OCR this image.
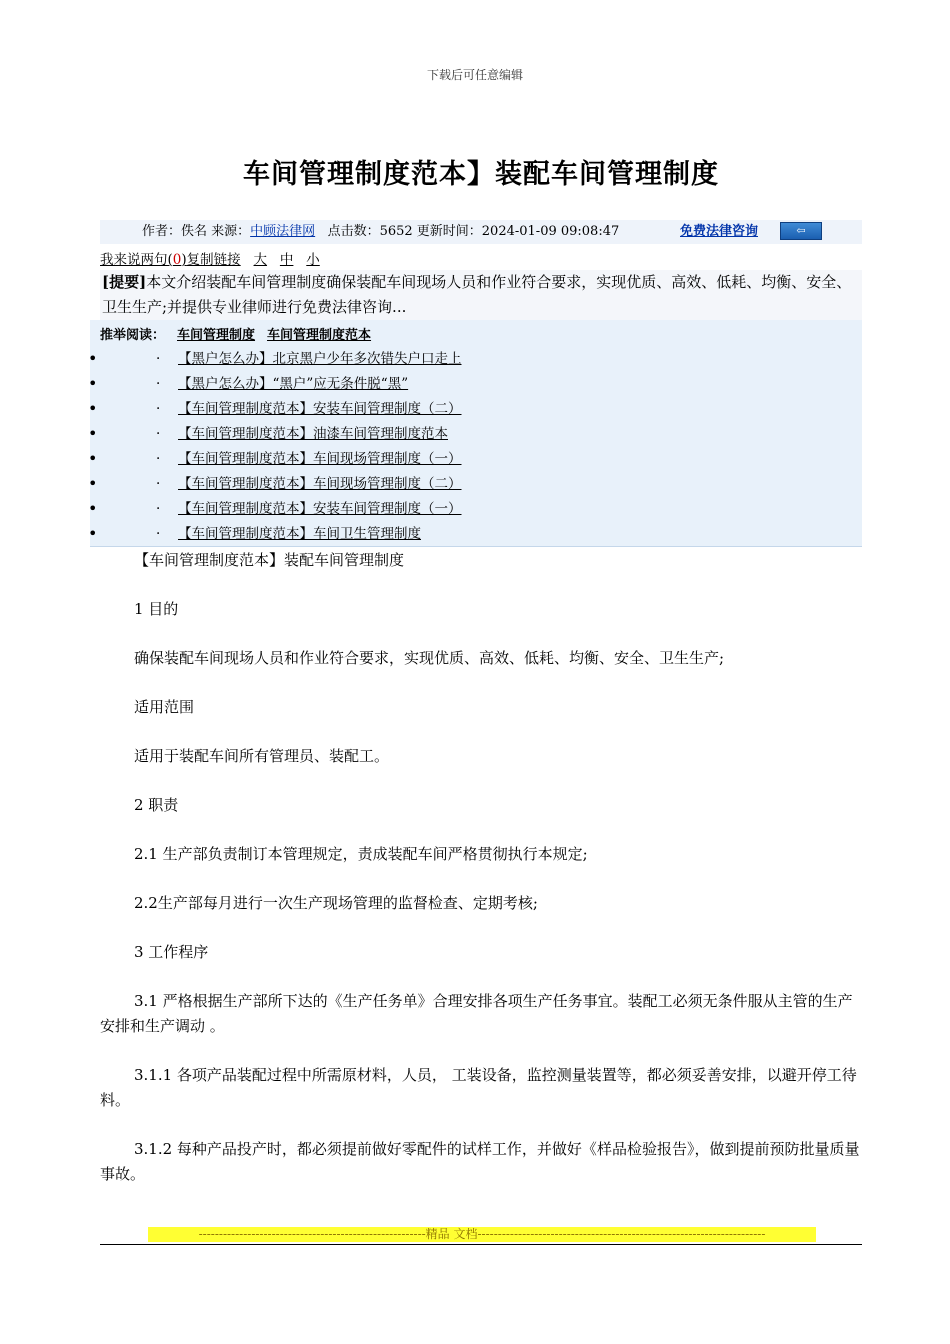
下载后可任意编辑
车间管理制度范本】装配车间管理制度
作者：佚名 来源：中顾法律网 点击数：5652 更新时间：2024-01-09 09:08:47	免费法律咨询	⇦
我来说两句(0)复制链接 大 中 小
[提要]本文介绍装配车间管理制度确保装配车间现场人员和作业符合要求，实现优质、高效、低耗、均衡、安全、卫生生产;并提供专业律师进行免费法律咨询...
推举阅读： 车间管理制度 车间管理制度范本
•	· 【黑户怎么办】北京黑户少年多次错失户口走上
•	· 【黑户怎么办】“黑户”应无条件脱“黑”
•	· 【车间管理制度范本】安装车间管理制度（二）
•	· 【车间管理制度范本】油漆车间管理制度范本
•	· 【车间管理制度范本】车间现场管理制度（一）
•	· 【车间管理制度范本】车间现场管理制度（二）
•	· 【车间管理制度范本】安装车间管理制度（一）
•	· 【车间管理制度范本】车间卫生管理制度

【车间管理制度范本】装配车间管理制度

1 目的

确保装配车间现场人员和作业符合要求，实现优质、高效、低耗、均衡、安全、卫生生产;

适用范围

适用于装配车间所有管理员、装配工。

2 职责

2.1 生产部负责制订本管理规定，责成装配车间严格贯彻执行本规定;

2.2生产部每月进行一次生产现场管理的监督检查、定期考核;

3 工作程序

3.1 严格根据生产部所下达的《生产任务单》合理安排各项生产任务事宜。装配工必须无条件服从主管的生产安排和生产调动 。

3.1.1 各项产品装配过程中所需原材料，人员， 工装设备，监控测量装置等，都必须妥善安排，以避开停工待料。

3.1.2 每种产品投产时，都必须提前做好零配件的试样工作，并做好《样品检验报告》，做到提前预防批量质量事故。

--------------------------------------------------------精品 文档-----------------------------------------------------------------------
